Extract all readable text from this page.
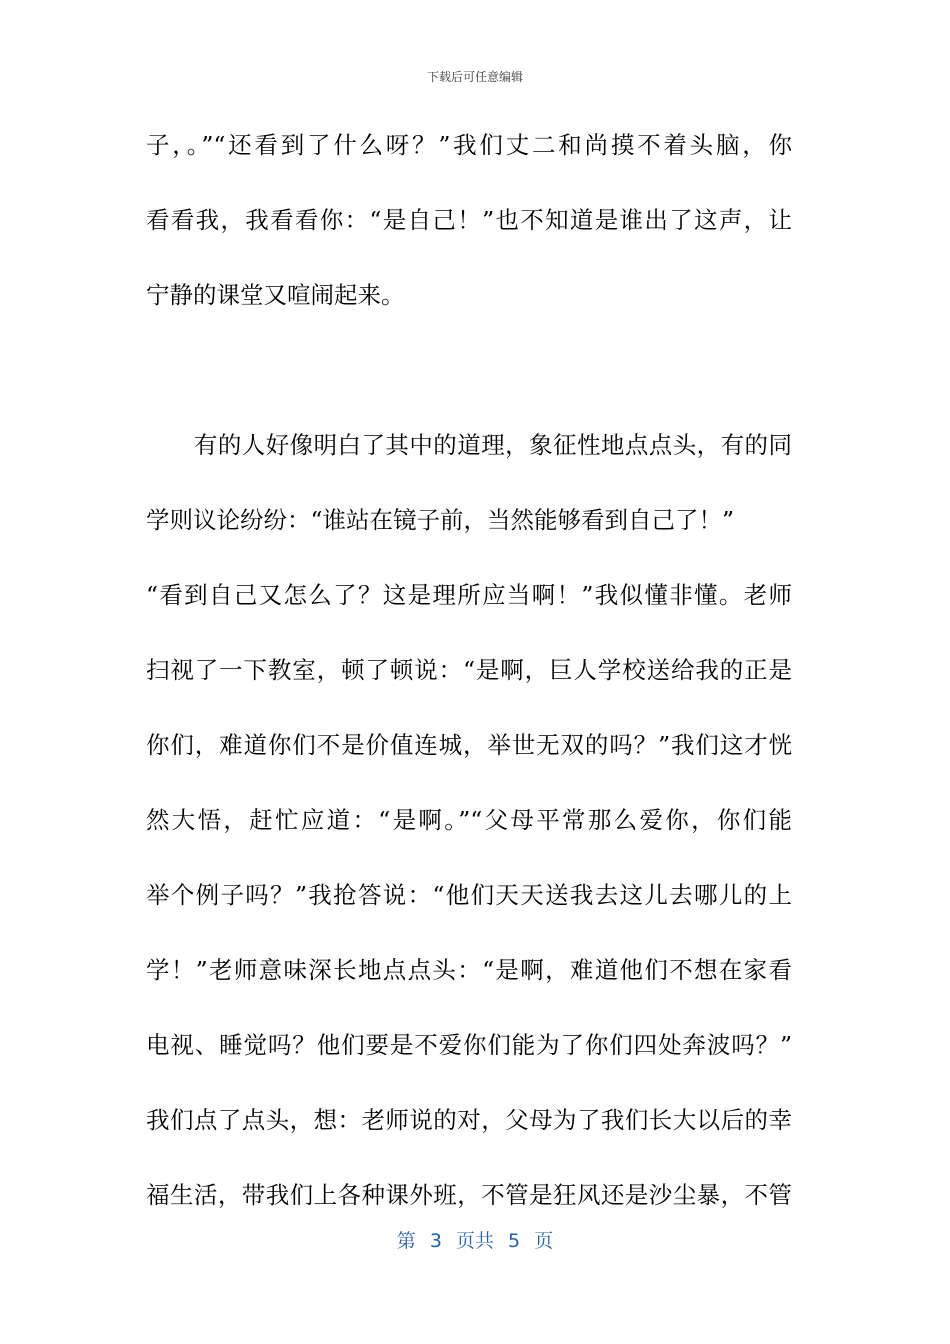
下载后可任意编辑
子，。”“还看到了什么呀？”我们丈二和尚摸不着头脑，你
看看我，我看看你：“是自己！”也不知道是谁出了这声，让
宁静的课堂又喧闹起来。
　　有的人好像明白了其中的道理，象征性地点点头，有的同
学则议论纷纷：“谁站在镜子前，当然能够看到自己了！”
“看到自己又怎么了？这是理所应当啊！”我似懂非懂。老师
扫视了一下教室，顿了顿说：“是啊，巨人学校送给我的正是
你们，难道你们不是价值连城，举世无双的吗？”我们这才恍
然大悟，赶忙应道：“是啊。”“父母平常那么爱你，你们能
举个例子吗？”我抢答说：“他们天天送我去这儿去哪儿的上
学！”老师意味深长地点点头：“是啊，难道他们不想在家看
电视、睡觉吗？他们要是不爱你们能为了你们四处奔波吗？”
我们点了点头，想：老师说的对，父母为了我们长大以后的幸
福生活，带我们上各种课外班，不管是狂风还是沙尘暴，不管
第 3 页共 5 页
